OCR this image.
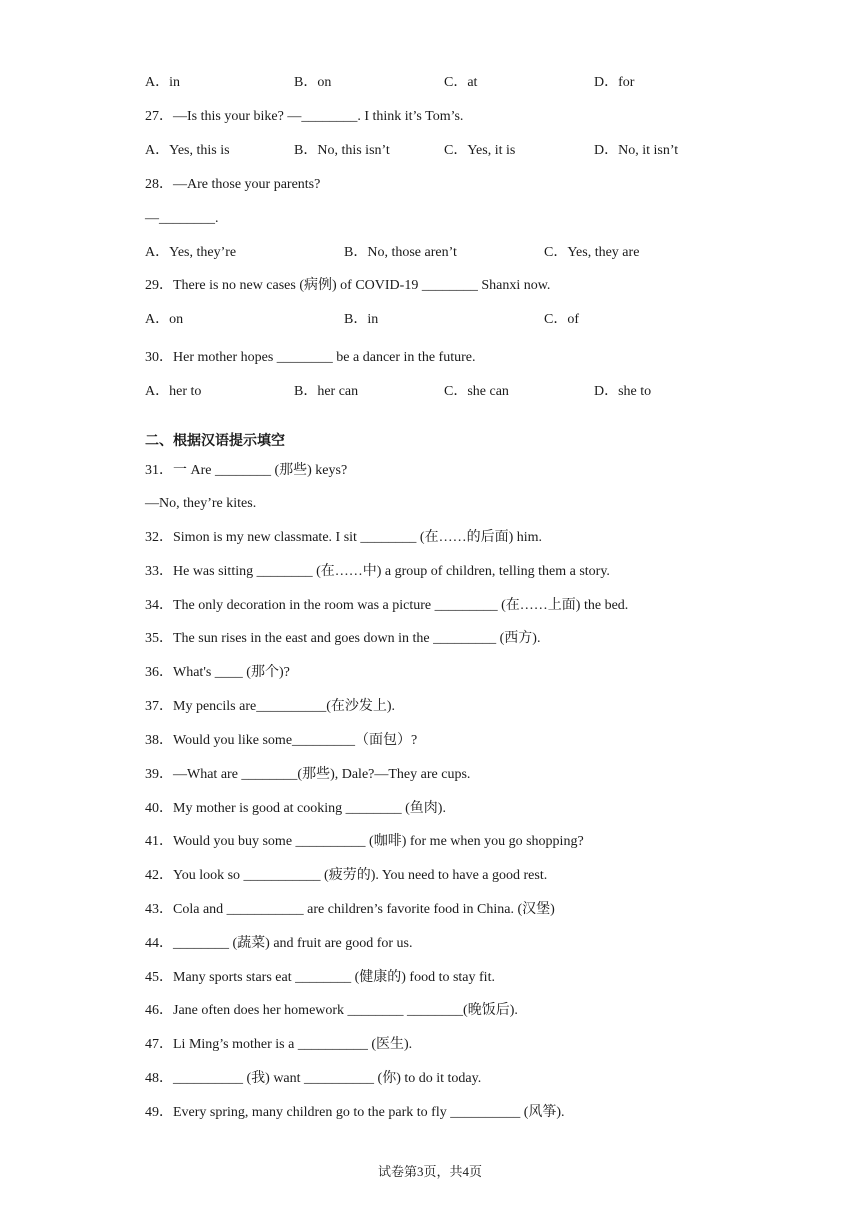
A．in	B．on	C．at	D．for
27．—Is this your bike? —________. I think it’s Tom’s.
A．Yes, this is	B．No, this isn’t	C．Yes, it is	D．No, it isn’t
28．—Are those your parents?
—________.
A．Yes, they’re	B．No, those aren’t	C．Yes, they are
29．There is no new cases (病例) of COVID-19 ________ Shanxi now.
A．on	B．in	C．of
30．Her mother hopes ________ be a dancer in the future.
A．her to	B．her can	C．she can	D．she to
二、根据汉语提示填空
31．一 Are ________ (那些) keys?
—No, they’re kites.
32．Simon is my new classmate. I sit ________ (在……的后面) him.
33．He was sitting ________ (在……中) a group of children, telling them a story.
34．The only decoration in the room was a picture _________ (在……上面) the bed.
35．The sun rises in the east and goes down in the _________ (西方).
36．What's ____ (那个)?
37．My pencils are__________(在沙发上).
38．Would you like some_________（面包）?
39．—What are ________(那些), Dale?—They are cups.
40．My mother is good at cooking ________ (鱼肉).
41．Would you buy some __________ (咖啡) for me when you go shopping?
42．You look so ___________ (疲劳的). You need to have a good rest.
43．Cola and ___________ are children’s favorite food in China. (汉堡)
44．________ (蔬菜) and fruit are good for us.
45．Many sports stars eat ________ (健康的) food to stay fit.
46．Jane often does her homework ________ ________(晚饭后).
47．Li Ming’s mother is a __________ (医生).
48．__________ (我) want __________ (你) to do it today.
49．Every spring, many children go to the park to fly __________ (风筝).
试卷第3页，共4页
